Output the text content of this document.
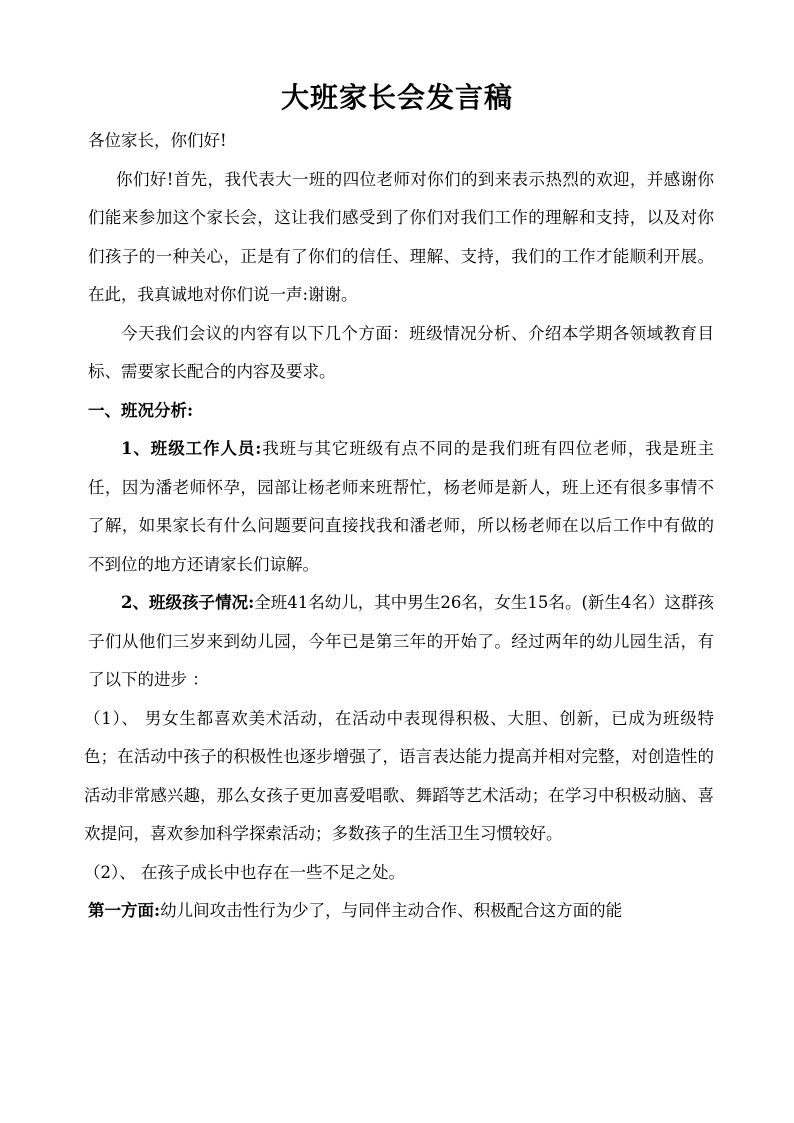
大班家长会发言稿

各位家长，你们好!

你们好!首先，我代表大一班的四位老师对你们的到来表示热烈的欢迎，并感谢你们能来参加这个家长会，这让我们感受到了你们对我们工作的理解和支持，以及对你们孩子的一种关心，正是有了你们的信任、理解、支持，我们的工作才能顺利开展。在此，我真诚地对你们说一声:谢谢。

今天我们会议的内容有以下几个方面：班级情况分析、介绍本学期各领域教育目标、需要家长配合的内容及要求。

一、班况分析:

1、班级工作人员:我班与其它班级有点不同的是我们班有四位老师，我是班主任，因为潘老师怀孕，园部让杨老师来班帮忙，杨老师是新人，班上还有很多事情不了解，如果家长有什么问题要问直接找我和潘老师，所以杨老师在以后工作中有做的不到位的地方还请家长们谅解。

2、班级孩子情况:全班41名幼儿，其中男生26名，女生15名。(新生4名）这群孩子们从他们三岁来到幼儿园，今年已是第三年的开始了。经过两年的幼儿园生活，有了以下的进步 ：

（1）、 男女生都喜欢美术活动，在活动中表现得积极、大胆、创新，已成为班级特色；在活动中孩子的积极性也逐步增强了，语言表达能力提高并相对完整，对创造性的活动非常感兴趣，那么女孩子更加喜爱唱歌、舞蹈等艺术活动；在学习中积极动脑、喜欢提问，喜欢参加科学探索活动；多数孩子的生活卫生习惯较好。

（2）、 在孩子成长中也存在一些不足之处。

第一方面:幼儿间攻击性行为少了，与同伴主动合作、积极配合这方面的能
